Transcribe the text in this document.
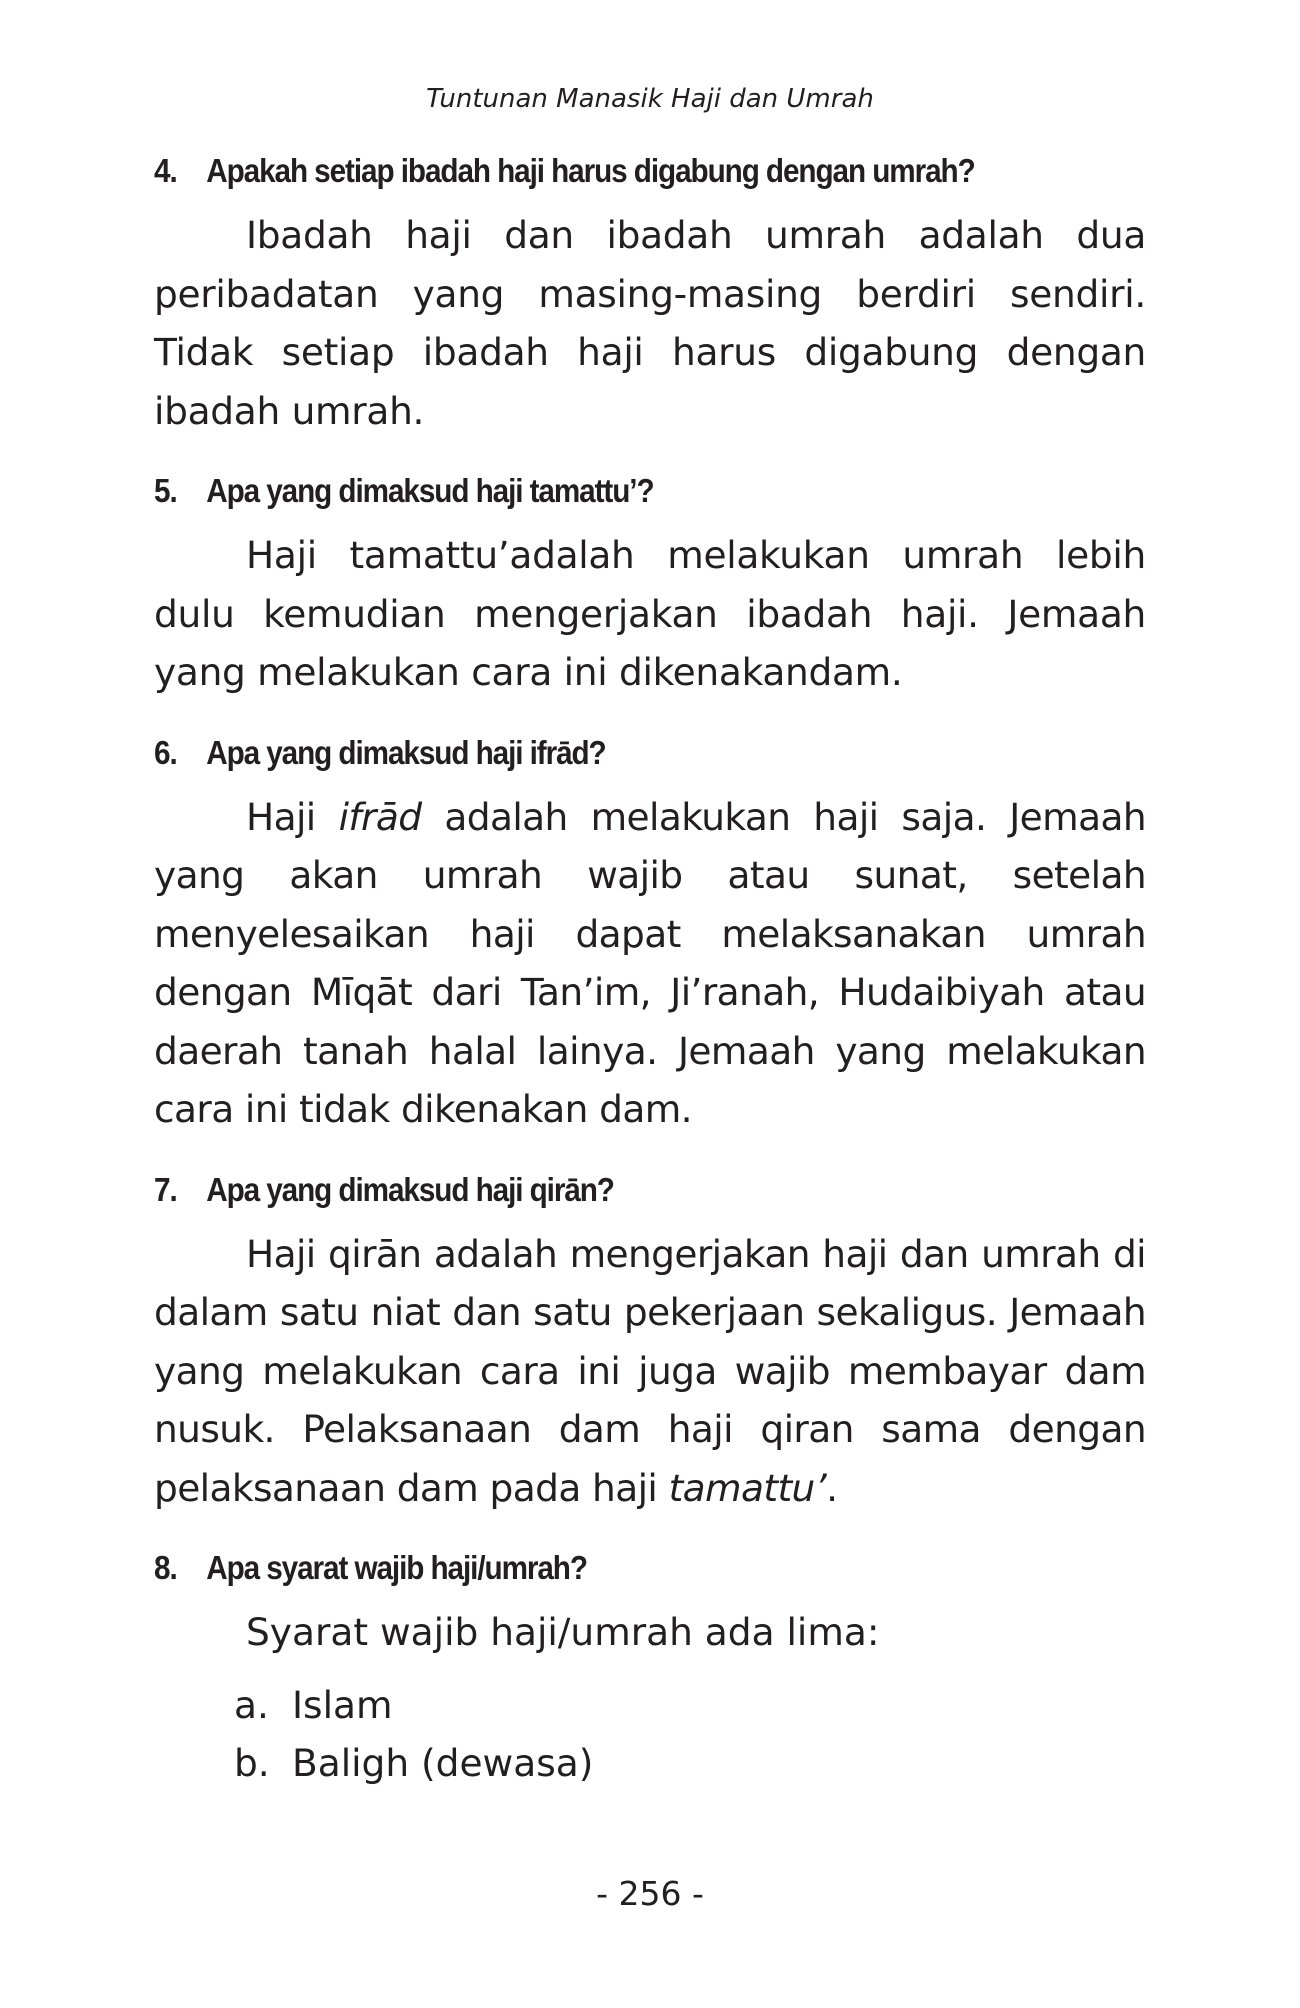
Tuntunan Manasik Haji dan Umrah
4. Apakah setiap ibadah haji harus digabung dengan umrah?

Ibadah haji dan ibadah umrah adalah dua peribadatan yang masing-masing berdiri sendiri. Tidak setiap ibadah haji harus digabung dengan ibadah umrah.

5. Apa yang dimaksud haji tamattu’?

Haji tamattu’adalah melakukan umrah lebih dulu kemudian mengerjakan ibadah haji. Jemaah yang melakukan cara ini dikenakandam.

6. Apa yang dimaksud haji ifrād?

Haji ifrād adalah melakukan haji saja. Jemaah yang akan umrah wajib atau sunat, setelah menyelesaikan haji dapat melaksanakan umrah dengan Mīqāt dari Tan’im, Ji’ranah, Hudaibiyah atau daerah tanah halal lainya. Jemaah yang melakukan cara ini tidak dikenakan dam.

7. Apa yang dimaksud haji qirān?

Haji qirān adalah mengerjakan haji dan umrah di dalam satu niat dan satu pekerjaan sekaligus. Jemaah yang melakukan cara ini juga wajib membayar dam nusuk. Pelaksanaan dam haji qiran sama dengan pelaksanaan dam pada haji tamattu’.

8. Apa syarat wajib haji/umrah?
Syarat wajib haji/umrah ada lima:
a. Islam
b. Baligh (dewasa)
- 256 -
